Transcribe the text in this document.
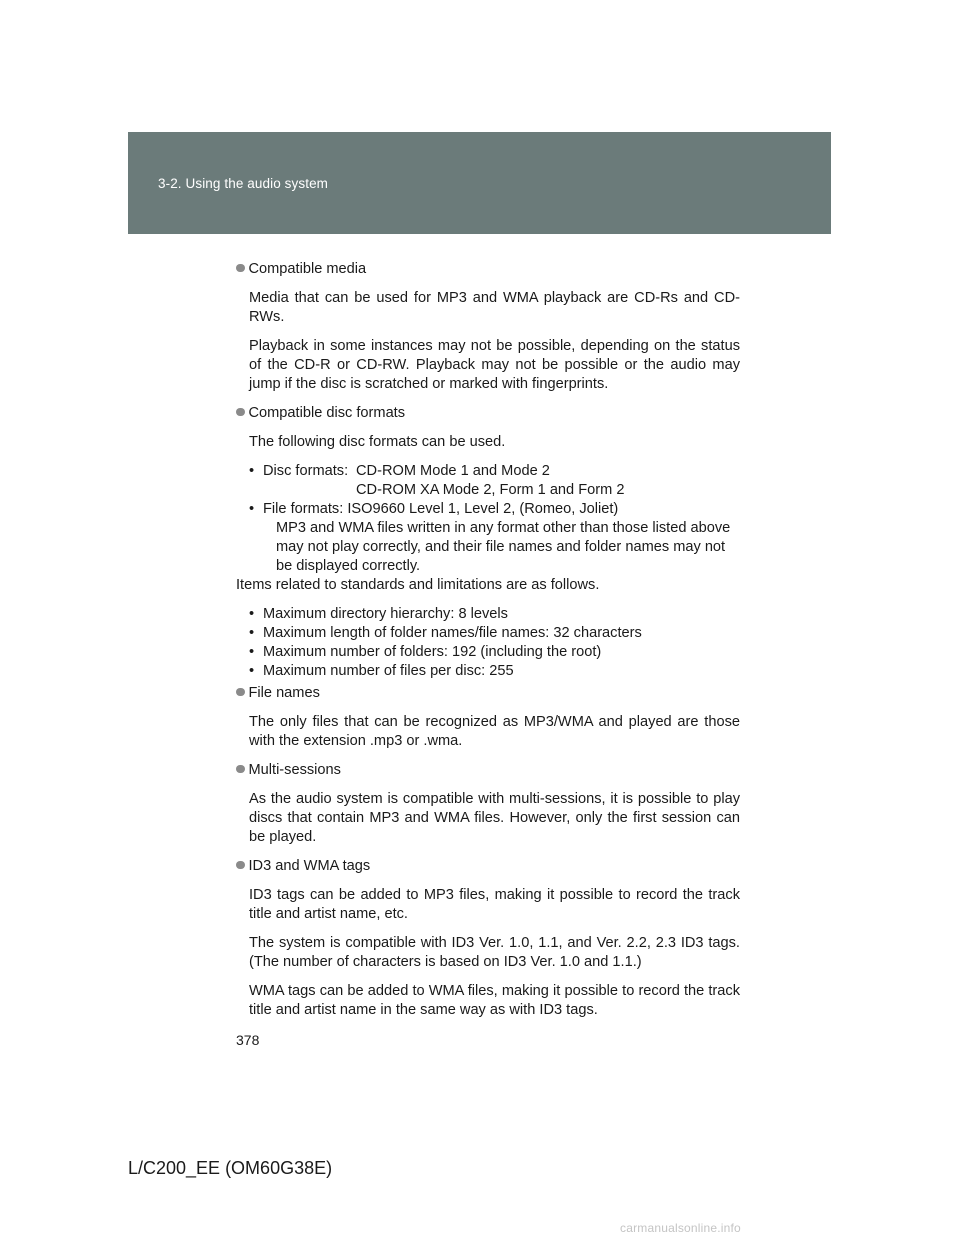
3-2. Using the audio system
Compatible media

Media that can be used for MP3 and WMA playback are CD-Rs and CD-RWs.

Playback in some instances may not be possible, depending on the status of the CD-R or CD-RW. Playback may not be possible or the audio may jump if the disc is scratched or marked with fingerprints.

Compatible disc formats

The following disc formats can be used.

• Disc formats: CD-ROM Mode 1 and Mode 2
CD-ROM XA Mode 2, Form 1 and Form 2
• File formats: ISO9660 Level 1, Level 2, (Romeo, Joliet)
MP3 and WMA files written in any format other than those listed above
may not play correctly, and their file names and folder names may not
be displayed correctly.

Items related to standards and limitations are as follows.

• Maximum directory hierarchy: 8 levels
• Maximum length of folder names/file names: 32 characters
• Maximum number of folders: 192 (including the root)
• Maximum number of files per disc: 255
File names

The only files that can be recognized as MP3/WMA and played are those with the extension .mp3 or .wma.

Multi-sessions

As the audio system is compatible with multi-sessions, it is possible to play discs that contain MP3 and WMA files. However, only the first session can be played.

ID3 and WMA tags

ID3 tags can be added to MP3 files, making it possible to record the track title and artist name, etc.

The system is compatible with ID3 Ver. 1.0, 1.1, and Ver. 2.2, 2.3 ID3 tags. (The number of characters is based on ID3 Ver. 1.0 and 1.1.)

WMA tags can be added to WMA files, making it possible to record the track title and artist name in the same way as with ID3 tags.

378
L/C200_EE (OM60G38E)
carmanualsonline.info
